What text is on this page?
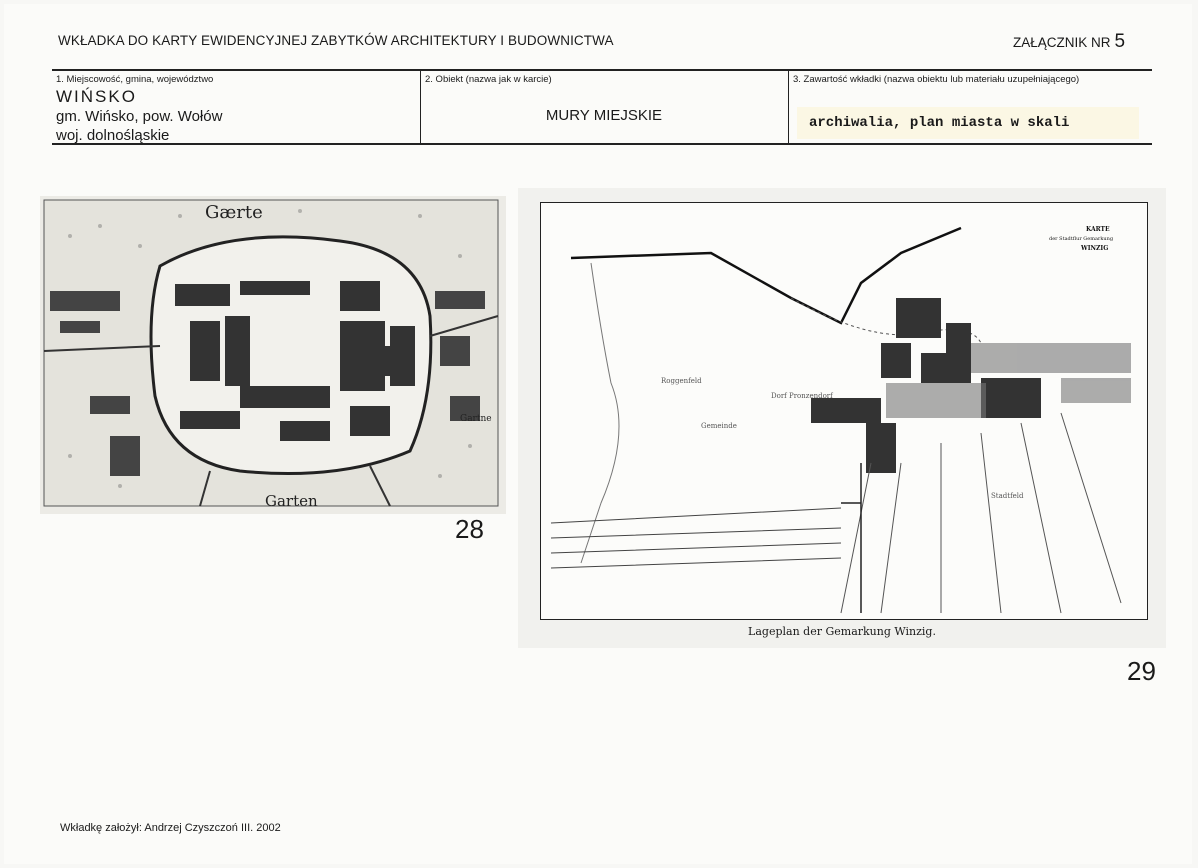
WKŁADKA DO KARTY EWIDENCYJNEJ ZABYTKÓW ARCHITEKTURY I BUDOWNICTWA	ZAŁĄCZNIK NR 5
1. Miejscowość, gmina, województwo
WIŃSKO
gm. Wińsko, pow. Wołów
woj. dolnośląskie
2. Obiekt (nazwa jak w karcie)
MURY MIEJSKIE
3. Zawartość wkładki (nazwa obiektu lub materiału uzupełniającego)
archiwalia, plan miasta w skali
Gærte
Garten
Gartne
28
Roggenfeld
Gemeinde
Dorf Pronzendorf
Stadtfeld
KARTE
der Stadtflur Gemarkung
WINZIG
Lageplan der Gemarkung Winzig.
29
Wkładkę założył: Andrzej Czyszczoń III. 2002
